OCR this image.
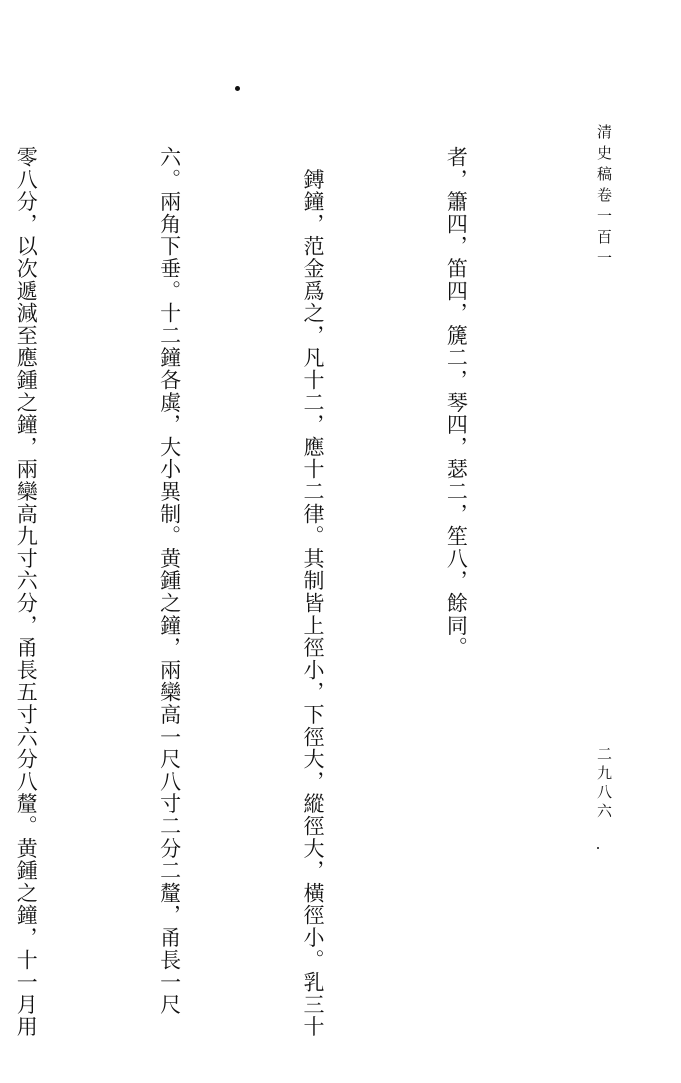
清史稿卷一百一
二九八六

者，簫四，笛四，篪二，琴四，瑟二，笙八，餘同。

　鎛鐘，范金爲之，凡十二，應十二律。其制皆上徑小，下徑大，縱徑大，橫徑小。乳三十

六。兩角下垂。十二鐘各虡，大小異制。黄鍾之鐘，兩欒高一尺八寸二分二釐，甬長一尺

零八分，以次遞減至應鍾之鐘，兩欒高九寸六分，甬長五寸六分八釐。黄鍾之鐘，十一月用
